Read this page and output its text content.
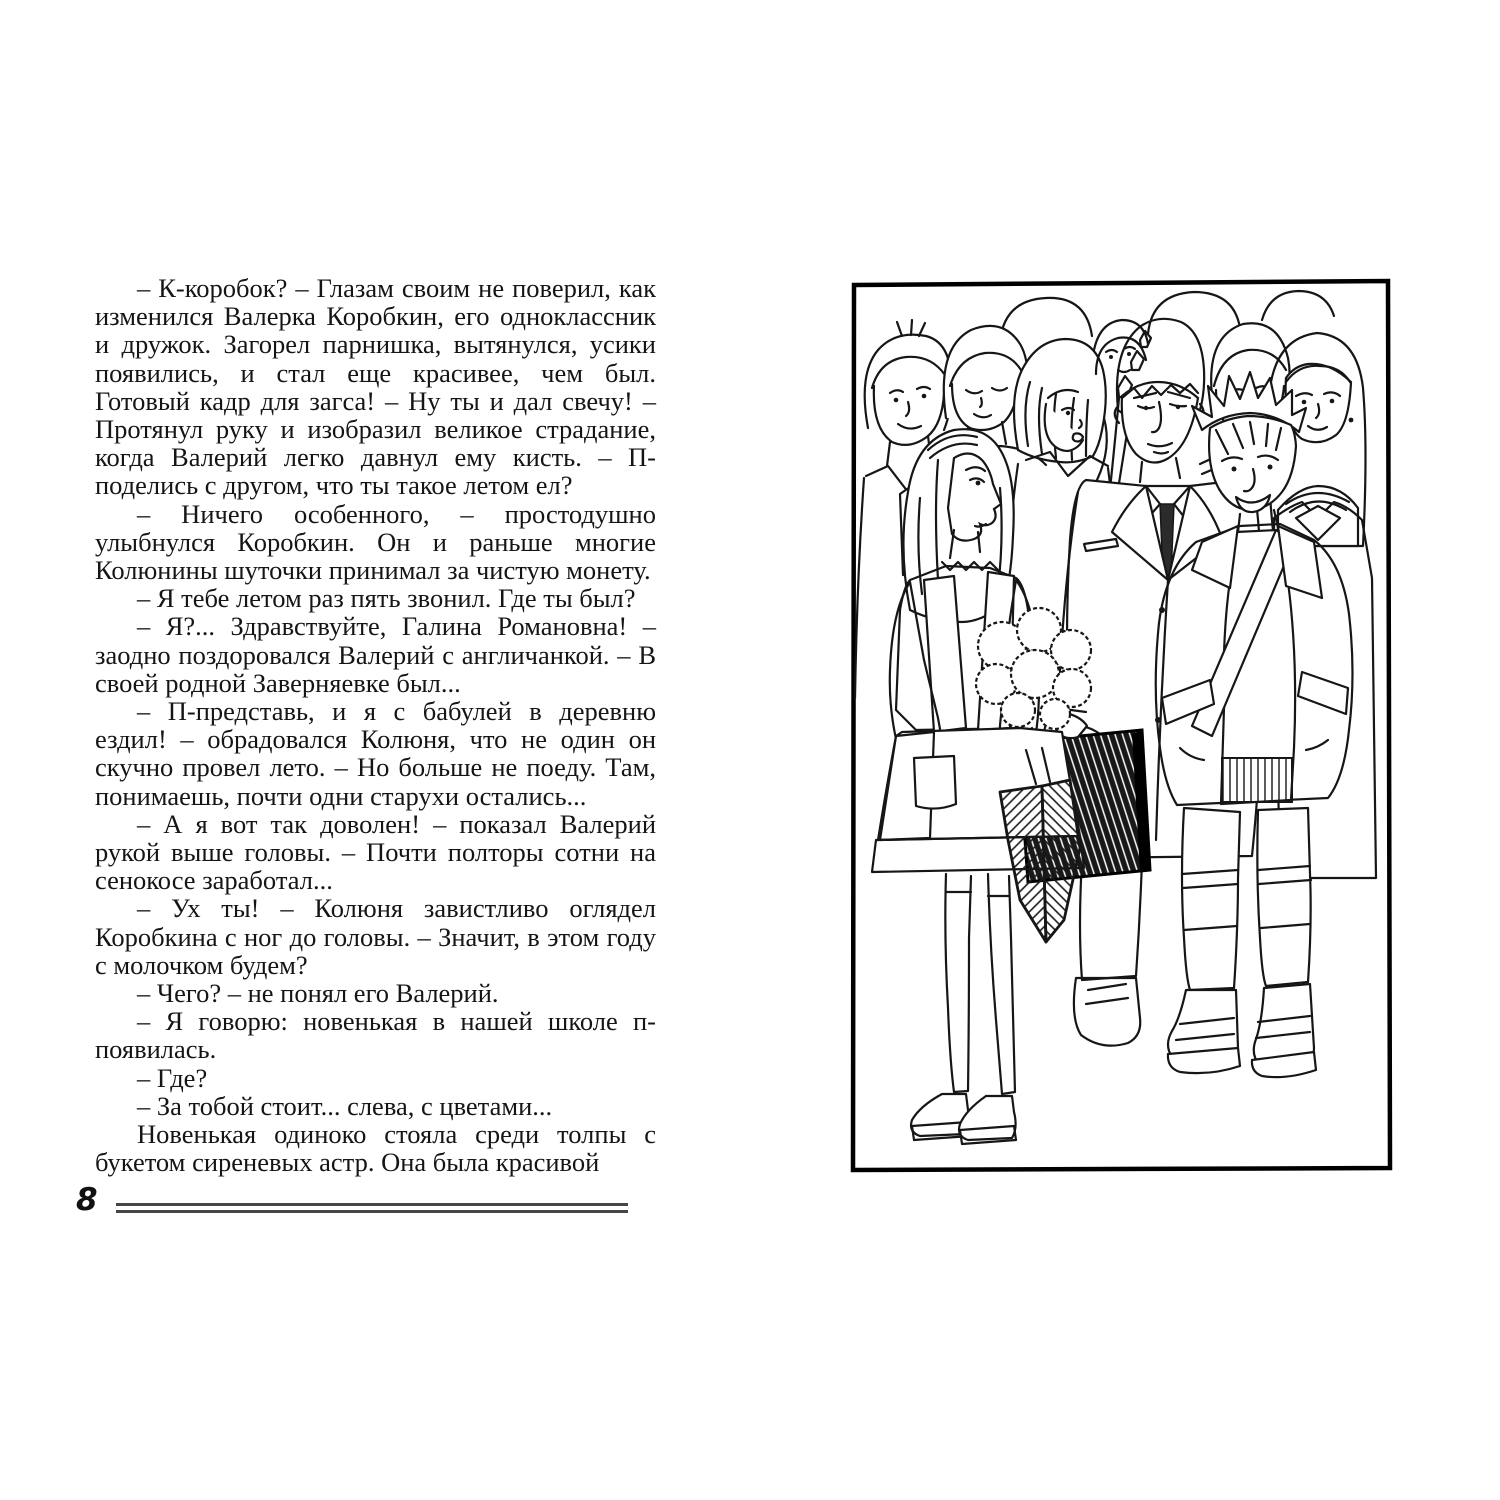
– К-коробок? – Глазам своим не поверил, как изменился Валерка Коробкин, его одноклассник и дружок. Загорел парнишка, вытянулся, усики появились, и стал еще красивее, чем был. Готовый кадр для загса! – Ну ты и дал свечу! – Протянул руку и изобразил великое страдание, когда Валерий легко давнул ему кисть. – П-поделись с другом, что ты такое летом ел?

– Ничего особенного, – простодушно улыбнулся Коробкин. Он и раньше многие Колюнины шуточки принимал за чистую монету.

– Я тебе летом раз пять звонил. Где ты был?

– Я?... Здравствуйте, Галина Романовна! – заодно поздоровался Валерий с англичанкой. – В своей родной Заверняевке был...

– П-представь, и я с бабулей в деревню ездил! – обрадовался Колюня, что не один он скучно провел лето. – Но больше не поеду. Там, понимаешь, почти одни старухи остались...

– А я вот так доволен! – показал Валерий рукой выше головы. – Почти полторы сотни на сенокосе заработал...

– Ух ты! – Колюня завистливо оглядел Коробкина с ног до головы. – Значит, в этом году с молочком будем?

– Чего? – не понял его Валерий.

– Я говорю: новенькая в нашей школе п-появилась.

– Где?

– За тобой стоит... слева, с цветами...

Новенькая одиноко стояла среди толпы с букетом сиреневых астр. Она была красивой

8
